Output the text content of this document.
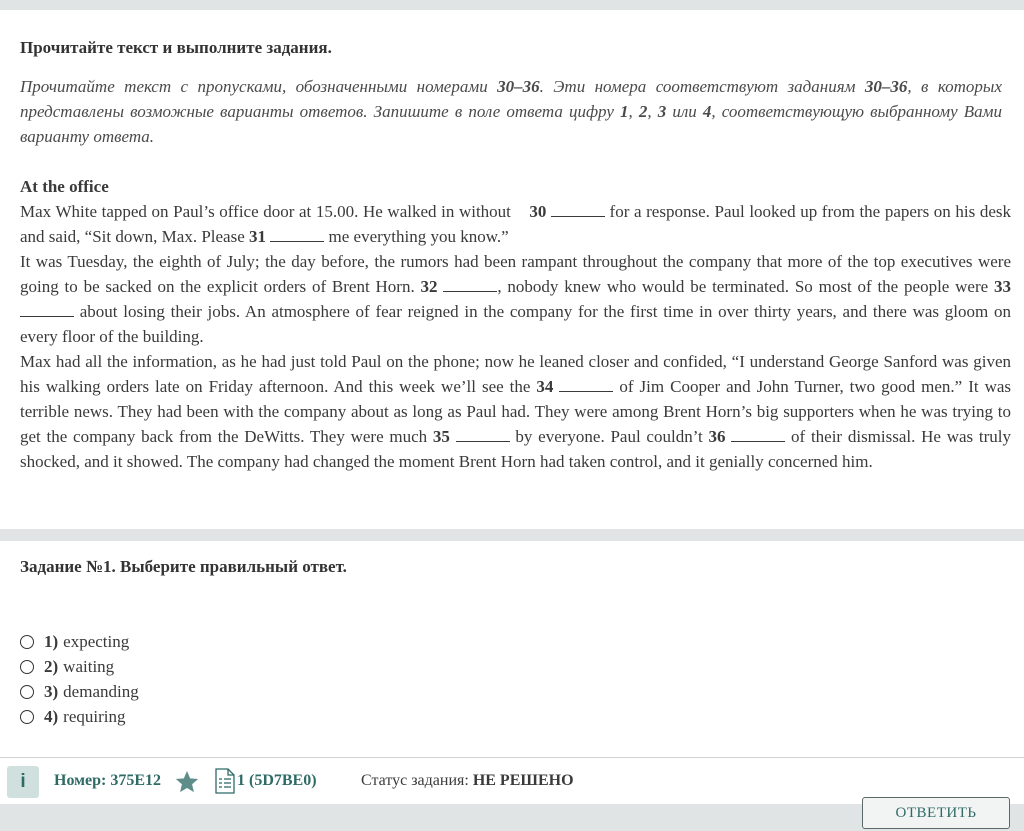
Прочитайте текст и выполните задания.

Прочитайте текст с пропусками, обозначенными номерами 30–36. Эти номера соответствуют заданиям 30–36, в которых представлены возможные варианты ответов. Запишите в поле ответа цифру 1, 2, 3 или 4, соответствующую выбранному Вами варианту ответа.

At the office

Max White tapped on Paul’s office door at 15.00. He walked in without    30	for a response. Paul looked up from the papers on his desk and said, “Sit down, Max. Please 31	me everything you know.”

It was Tuesday, the eighth of July; the day before, the rumors had been rampant throughout the company that more of the top executives were going to be sacked on the explicit orders of Brent Horn. 32	, nobody knew who would be terminated. So most of the people were 33  about losing their jobs. An atmosphere of fear reigned in the company for the first time in over thirty years, and there was gloom on every floor of the building.

Max had all the information, as he had just told Paul on the phone; now he leaned closer and confided, “I understand George Sanford was given his walking orders late on Friday afternoon. And this week we’ll see the 34	of Jim Cooper and John Turner, two good men.” It was terrible news. They had been with the company about as long as Paul had. They were among Brent Horn’s big supporters when he was trying to get the company back from the DeWitts. They were much 35	by everyone. Paul couldn’t 36	of their dismissal. He was truly shocked, and it showed. The company had changed the moment Brent Horn had taken control, and it genially concerned him.

Задание №1. Выберите правильный ответ.

1) expecting
2) waiting
3) demanding
4) requiring
i	Номер: 375E12	1 (5D7BE0)	Статус задания: НЕ РЕШЕНО
ОТВЕТИТЬ
